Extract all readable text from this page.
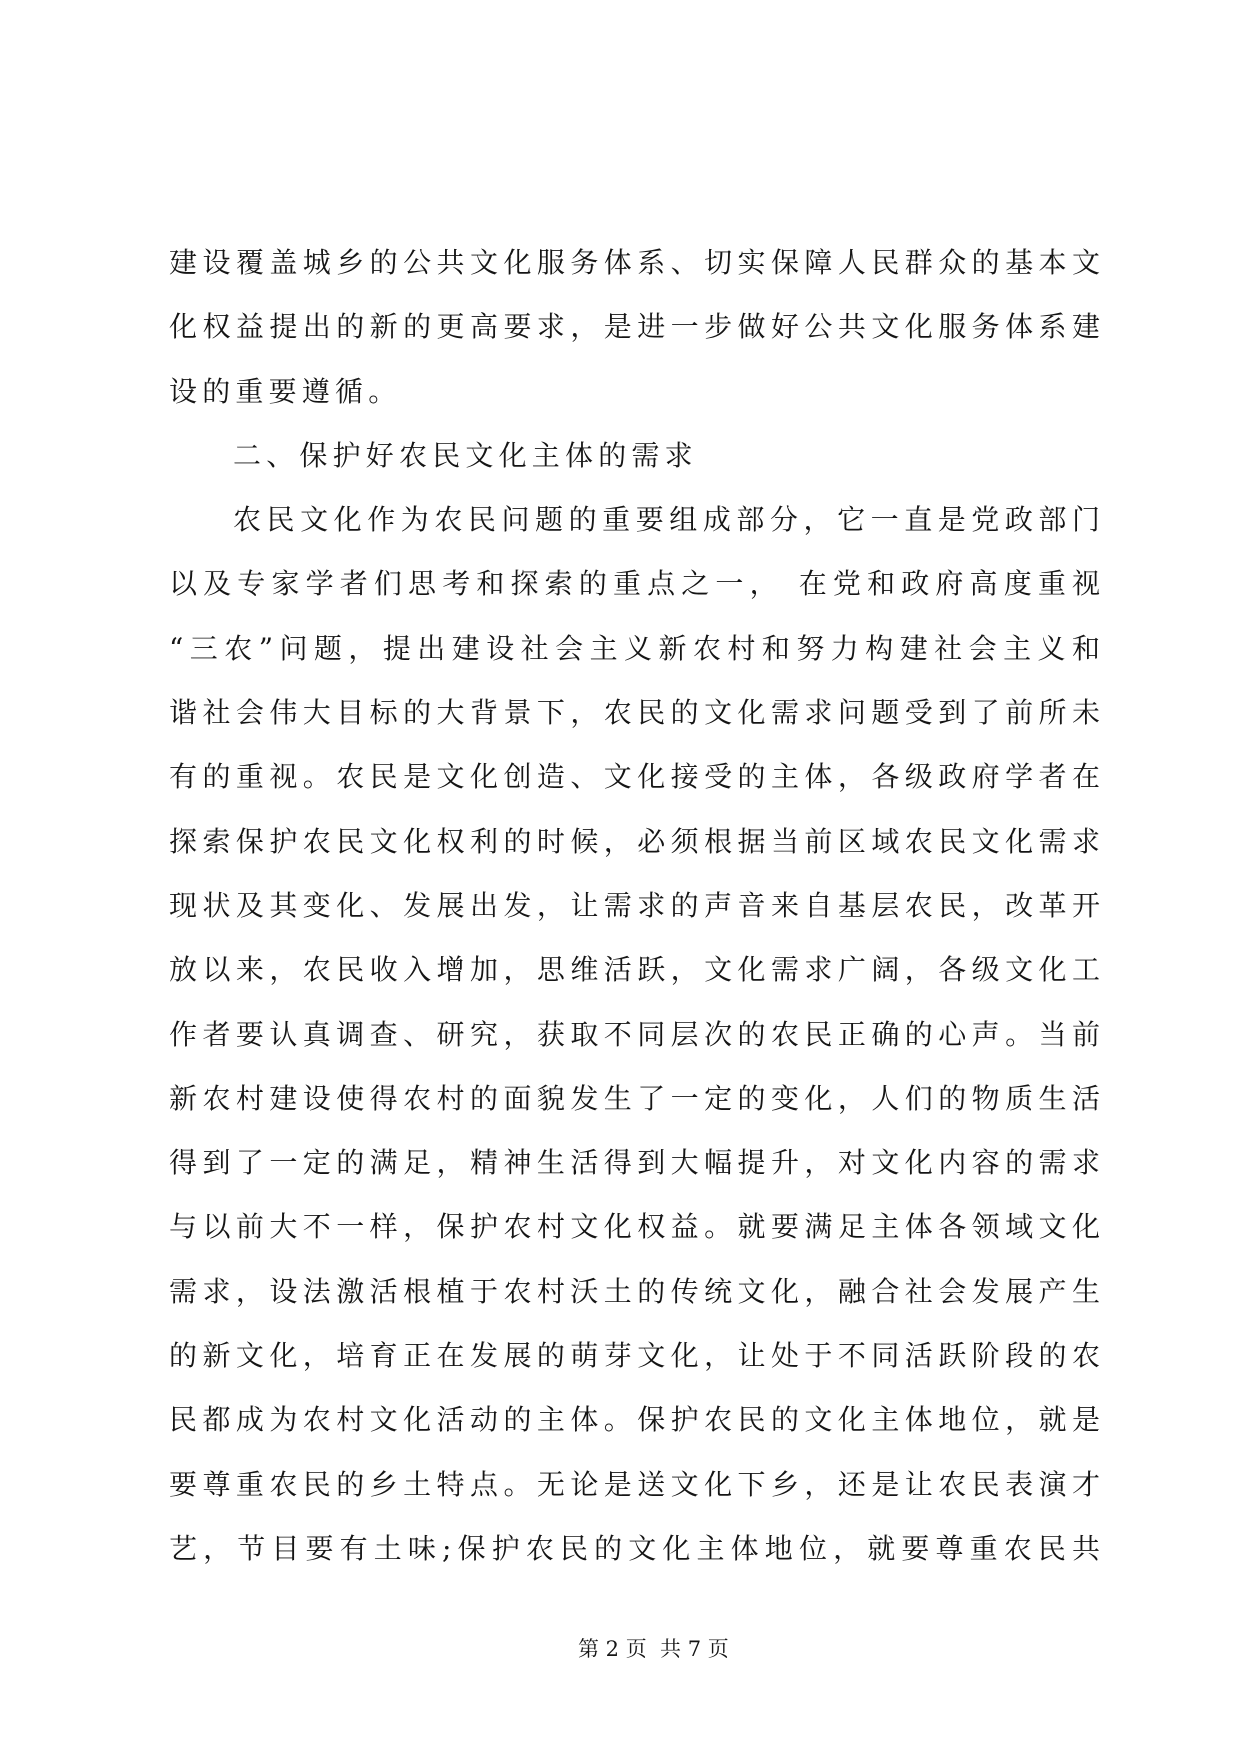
建设覆盖城乡的公共文化服务体系、切实保障人民群众的基本文
化权益提出的新的更高要求，是进一步做好公共文化服务体系建
设的重要遵循。
二、保护好农民文化主体的需求
农民文化作为农民问题的重要组成部分，它一直是党政部门
以及专家学者们思考和探索的重点之一， 在党和政府高度重视
“三农”问题，提出建设社会主义新农村和努力构建社会主义和
谐社会伟大目标的大背景下，农民的文化需求问题受到了前所未
有的重视。农民是文化创造、文化接受的主体，各级政府学者在
探索保护农民文化权利的时候，必须根据当前区域农民文化需求
现状及其变化、发展出发，让需求的声音来自基层农民，改革开
放以来，农民收入增加，思维活跃，文化需求广阔，各级文化工
作者要认真调查、研究，获取不同层次的农民正确的心声。当前
新农村建设使得农村的面貌发生了一定的变化，人们的物质生活
得到了一定的满足，精神生活得到大幅提升，对文化内容的需求
与以前大不一样，保护农村文化权益。就要满足主体各领域文化
需求，设法激活根植于农村沃土的传统文化，融合社会发展产生
的新文化，培育正在发展的萌芽文化，让处于不同活跃阶段的农
民都成为农村文化活动的主体。保护农民的文化主体地位，就是
要尊重农民的乡土特点。无论是送文化下乡，还是让农民表演才
艺，节目要有土味;保护农民的文化主体地位，就要尊重农民共
第 2 页  共 7 页
